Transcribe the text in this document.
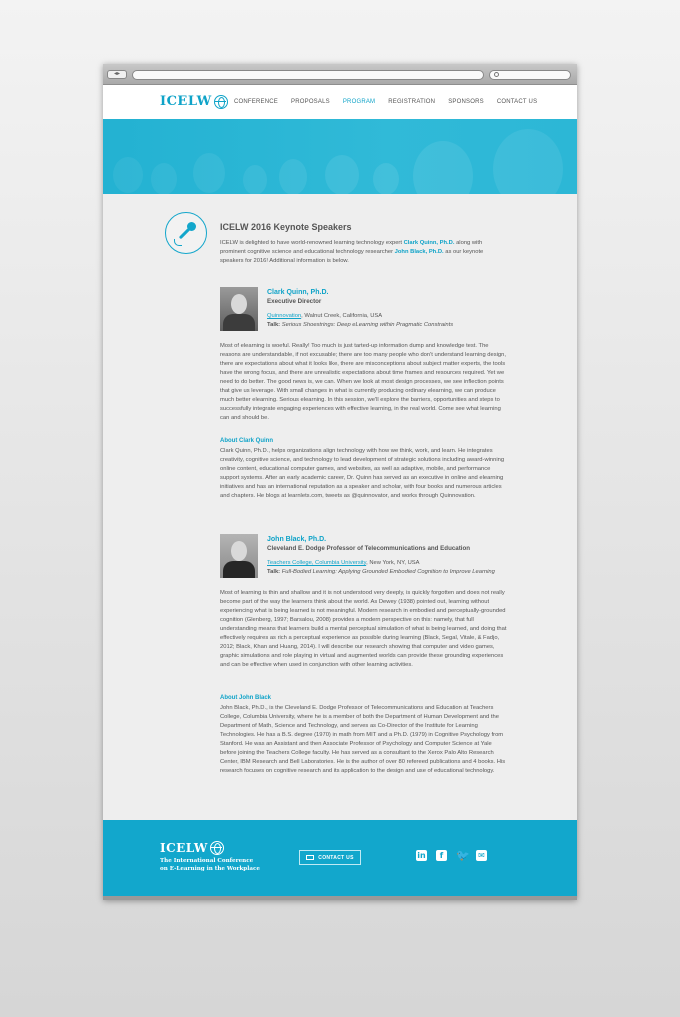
◂▸
ICELW	CONFERENCE PROPOSALS PROGRAM REGISTRATION SPONSORS CONTACT US
ICELW 2016 Keynote Speakers

ICELW is delighted to have world-renowned learning technology expert Clark Quinn, Ph.D. along with prominent cognitive science and educational technology researcher John Black, Ph.D. as our keynote speakers for 2016! Additional information is below.

Clark Quinn, Ph.D.
Executive Director
Quinnovation, Walnut Creek, California, USA
Talk: Serious Shoestrings: Deep eLearning within Pragmatic Constraints

Most of elearning is woeful. Really! Too much is just tarted-up information dump and knowledge test. The reasons are understandable, if not excusable; there are too many people who don't understand learning design, there are expectations about what it looks like, there are misconceptions about subject matter experts, the tools have the wrong focus, and there are unrealistic expectations about time frames and resources required. Yet we need to do better. The good news is, we can. When we look at most design processes, we see inflection points that give us leverage. With small changes in what is currently producing ordinary elearning, we can produce much better elearning. Serious elearning. In this session, we'll explore the barriers, opportunities and steps to successfully integrate engaging experiences with effective learning, in the real world. Come see what learning can and should be.

About Clark Quinn

Clark Quinn, Ph.D., helps organizations align technology with how we think, work, and learn. He integrates creativity, cognitive science, and technology to lead development of strategic solutions including award-winning online content, educational computer games, and websites, as well as adaptive, mobile, and performance support systems. After an early academic career, Dr. Quinn has served as an executive in online and elearning initiatives and has an international reputation as a speaker and scholar, with four books and numerous articles and chapters. He blogs at learnlets.com, tweets as @quinnovator, and works through Quinnovation.

John Black, Ph.D.
Cleveland E. Dodge Professor of Telecommunications and Education
Teachers College, Columbia University, New York, NY, USA
Talk: Full-Bodied Learning: Applying Grounded Embodied Cognition to Improve Learning

Most of learning is thin and shallow and it is not understood very deeply, is quickly forgotten and does not really become part of the way the learners think about the world. As Dewey (1938) pointed out, learning without experiencing what is being learned is not meaningful. Modern research in embodied and perceptually-grounded cognition (Glenberg, 1997; Barsalou, 2008) provides a modern perspective on this: namely, that full understanding means that learners build a mental perceptual simulation of what is being learned, and doing that effectively requires as rich a perceptual experience as possible during learning (Black, Segal, Vitale, & Fadjo, 2012; Black, Khan and Huang, 2014). I will describe our research showing that computer and video games, graphic simulations and role playing in virtual and augmented worlds can provide these grounding experiences and can be effective when used in conjunction with other learning activities.

About John Black

John Black, Ph.D., is the Cleveland E. Dodge Professor of Telecommunications and Education at Teachers College, Columbia University, where he is a member of both the Department of Human Development and the Department of Math, Science and Technology, and serves as Co-Director of the Institute for Learning Technologies. He has a B.S. degree (1970) in math from MIT and a Ph.D. (1979) in Cognitive Psychology from Stanford. He was an Assistant and then Associate Professor of Psychology and Computer Science at Yale before joining the Teachers College faculty. He has served as a consultant to the Xerox Palo Alto Research Center, IBM Research and Bell Laboratories. He is the author of over 80 refereed publications and 4 books. His research focuses on cognitive research and its application to the design and use of educational technology.

ICELW
The International Conference
on E-Learning in the Workplace
CONTACT US	in	f	🐦 ✉
